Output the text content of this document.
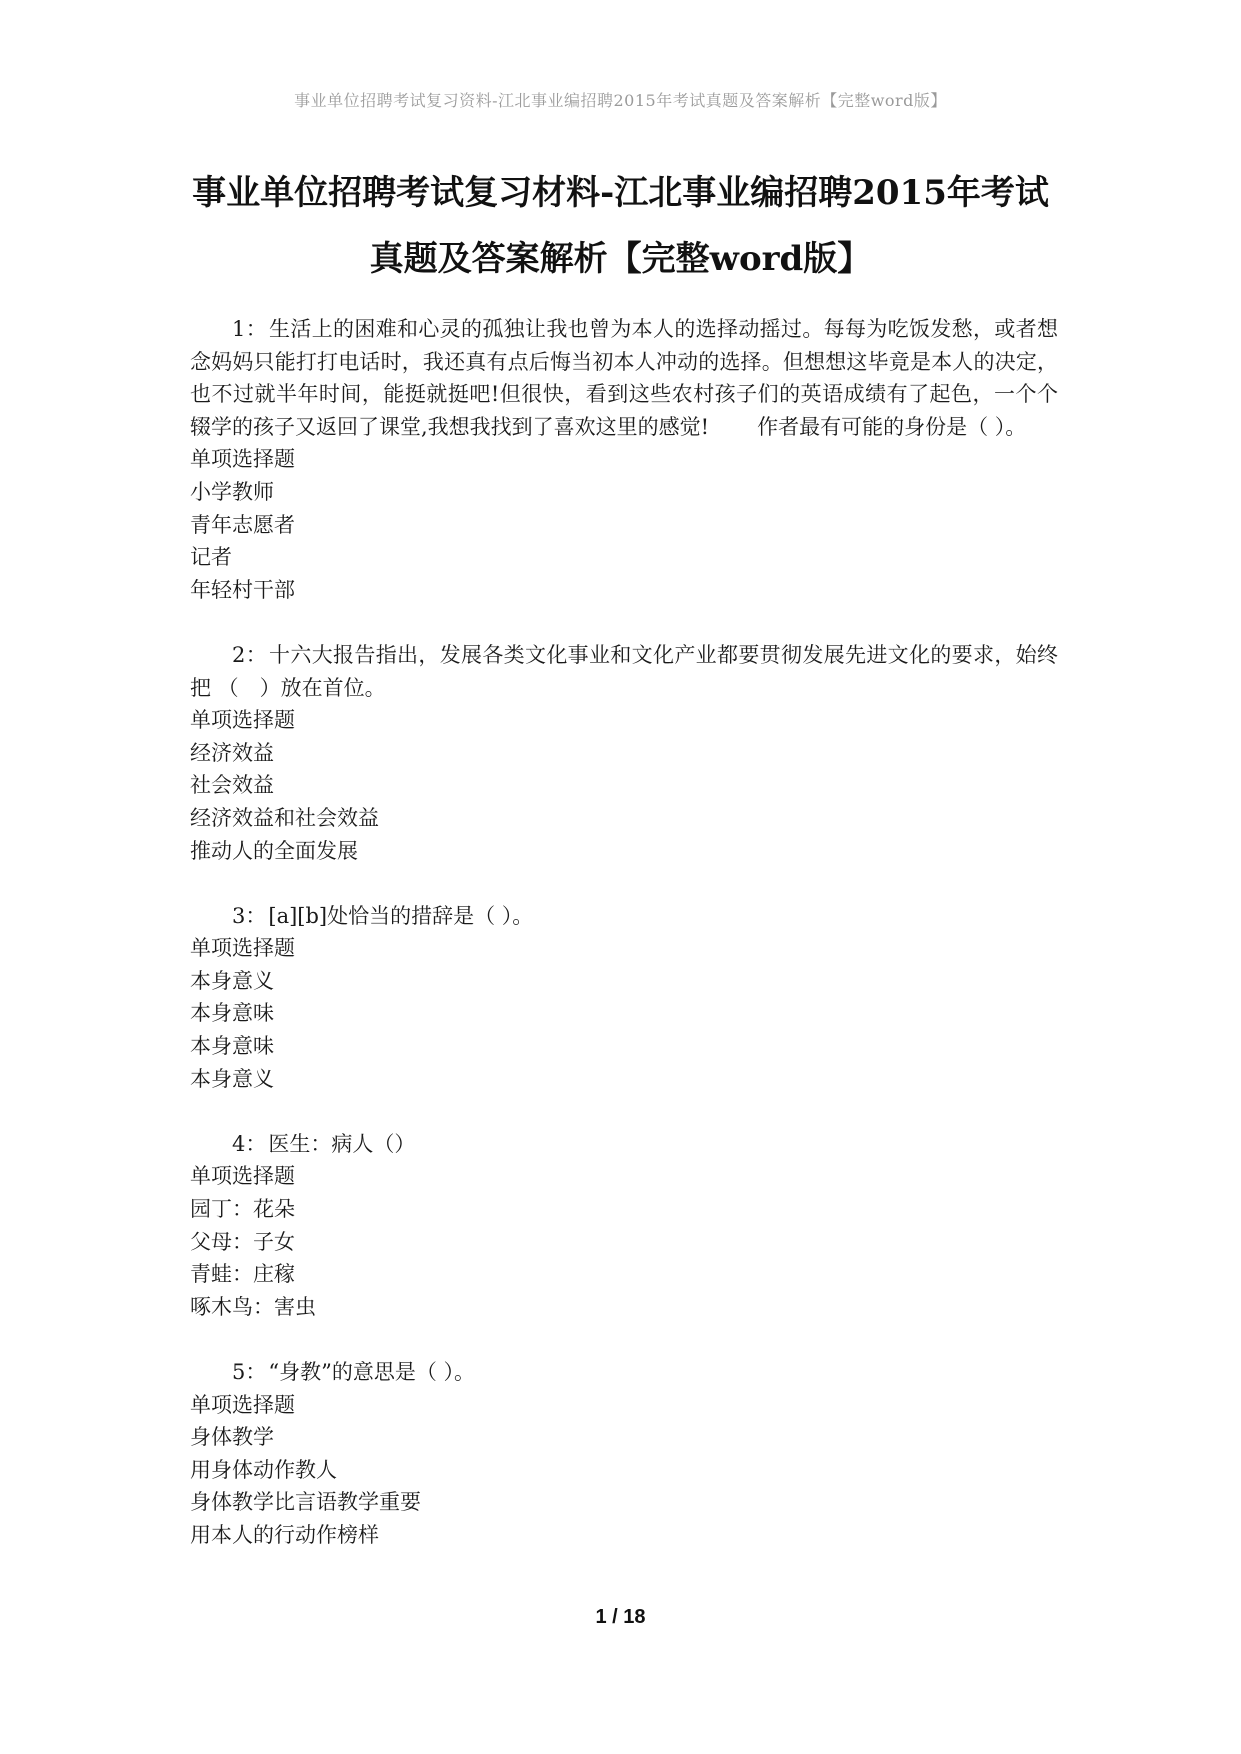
事业单位招聘考试复习资料-江北事业编招聘2015年考试真题及答案解析【完整word版】
事业单位招聘考试复习材料-江北事业编招聘2015年考试
真题及答案解析【完整word版】
1：生活上的困难和心灵的孤独让我也曾为本人的选择动摇过。每每为吃饭发愁，或者想念妈妈只能打打电话时，我还真有点后悔当初本人冲动的选择。但想想这毕竟是本人的决定，也不过就半年时间，能挺就挺吧!但很快，看到这些农村孩子们的英语成绩有了起色，一个个辍学的孩子又返回了课堂,我想我找到了喜欢这里的感觉! 作者最有可能的身份是（ ）。
单项选择题
小学教师
青年志愿者
记者
年轻村干部
2：十六大报告指出，发展各类文化事业和文化产业都要贯彻发展先进文化的要求，始终把 （　）放在首位。
单项选择题
经济效益
社会效益
经济效益和社会效益
推动人的全面发展
3：[a][b]处恰当的措辞是（ ）。
单项选择题
本身意义
本身意味
本身意味
本身意义
4：医生：病人（）
单项选择题
园丁：花朵
父母：子女
青蛙：庄稼
啄木鸟：害虫
5：“身教”的意思是（ ）。
单项选择题
身体教学
用身体动作教人
身体教学比言语教学重要
用本人的行动作榜样
1 / 18
